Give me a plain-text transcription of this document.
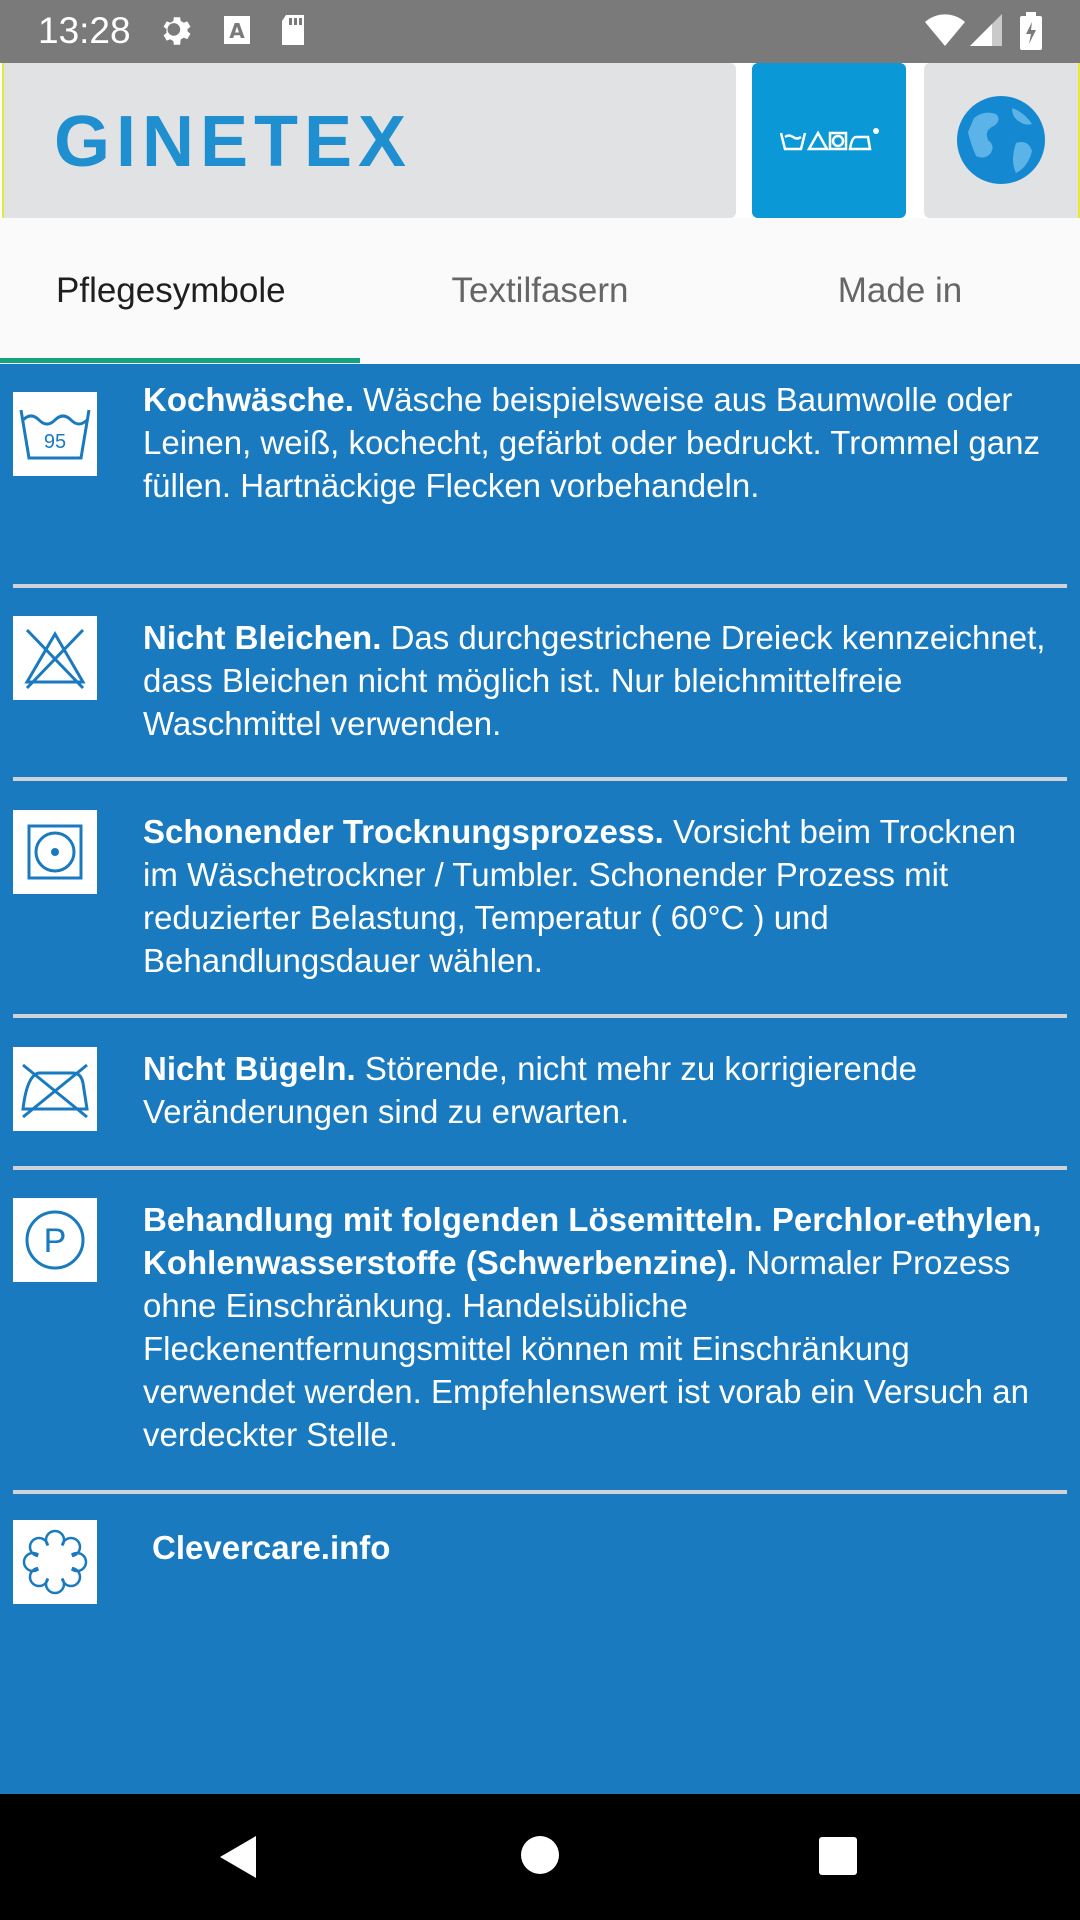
13:28	A
GINETEX
Pflegesymbole	Textilfasern	Made in
95
Kochwäsche. Wäsche beispielsweise aus Baumwolle oder Leinen, weiß, kochecht, gefärbt oder bedruckt. Trommel ganz füllen. Hartnäckige Flecken vorbehandeln.
Nicht Bleichen. Das durchgestrichene Dreieck kennzeichnet, dass Bleichen nicht möglich ist. Nur bleichmittelfreie Waschmittel verwenden.
Schonender Trocknungsprozess. Vorsicht beim Trocknen im Wäschetrockner / Tumbler. Schonender Prozess mit reduzierter Belastung, Temperatur ( 60°C ) und Behandlungsdauer wählen.
Nicht Bügeln. Störende, nicht mehr zu korrigierende Veränderungen sind zu erwarten.
P
Behandlung mit folgenden Lösemitteln. Perchlor-ethylen, Kohlenwasserstoffe (Schwerbenzine). Normaler Prozess ohne Einschränkung. Handelsübliche Fleckenentfernungsmittel können mit Einschränkung verwendet werden. Empfehlenswert ist vorab ein Versuch an verdeckter Stelle.
Clevercare.info
